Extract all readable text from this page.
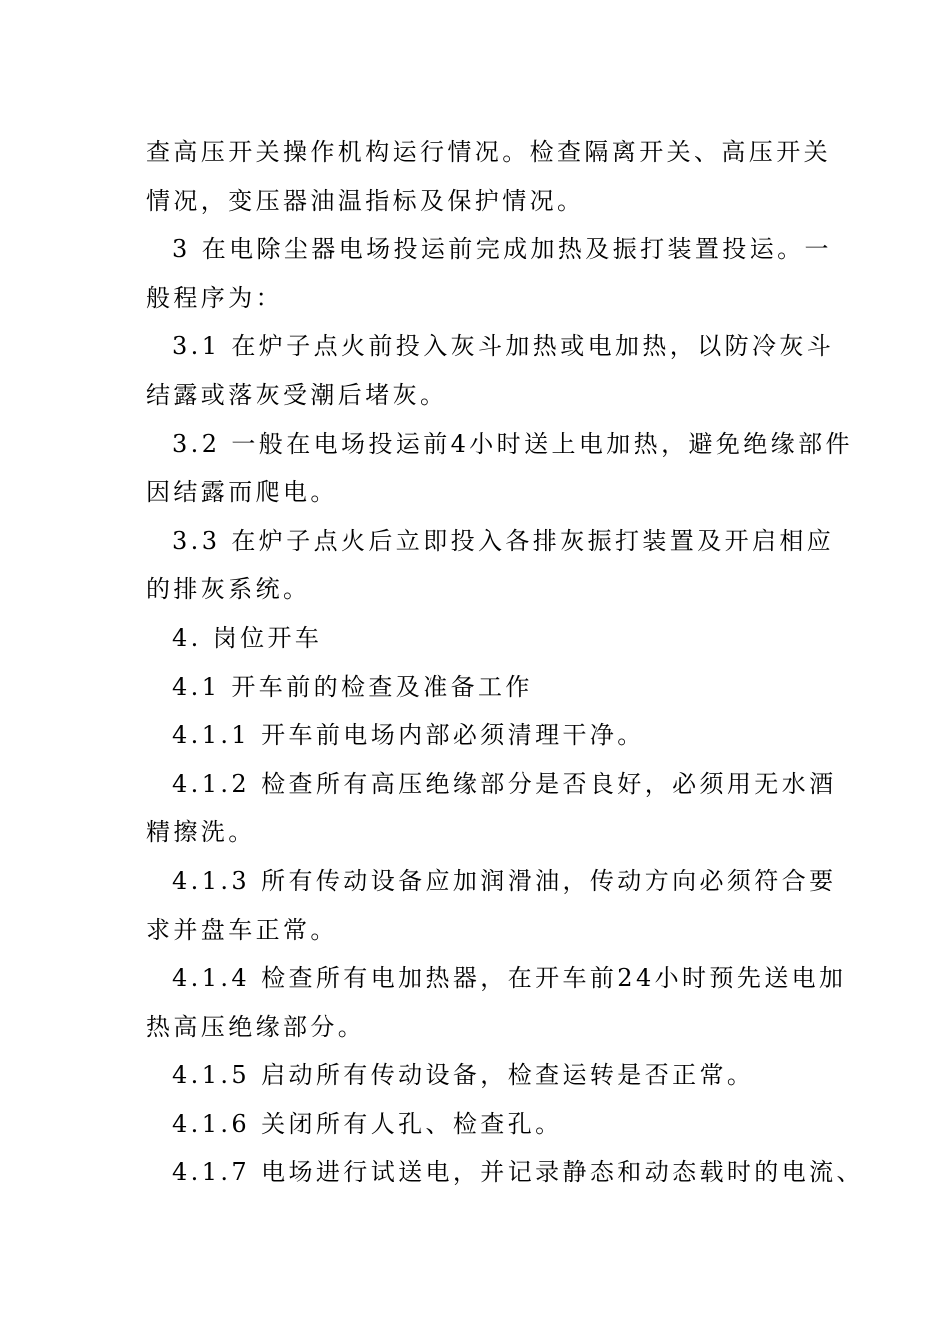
查高压开关操作机构运行情况。检查隔离开关、高压开关
情况，变压器油温指标及保护情况。
3 在电除尘器电场投运前完成加热及振打装置投运。一
般程序为：
3.1 在炉子点火前投入灰斗加热或电加热，以防冷灰斗
结露或落灰受潮后堵灰。
3.2 一般在电场投运前4小时送上电加热，避免绝缘部件
因结露而爬电。
3.3 在炉子点火后立即投入各排灰振打装置及开启相应
的排灰系统。
4. 岗位开车
4.1 开车前的检查及准备工作
4.1.1 开车前电场内部必须清理干净。
4.1.2 检查所有高压绝缘部分是否良好，必须用无水酒
精擦洗。
4.1.3 所有传动设备应加润滑油，传动方向必须符合要
求并盘车正常。
4.1.4 检查所有电加热器，在开车前24小时预先送电加
热高压绝缘部分。
4.1.5 启动所有传动设备，检查运转是否正常。
4.1.6 关闭所有人孔、检查孔。
4.1.7 电场进行试送电，并记录静态和动态载时的电流、
